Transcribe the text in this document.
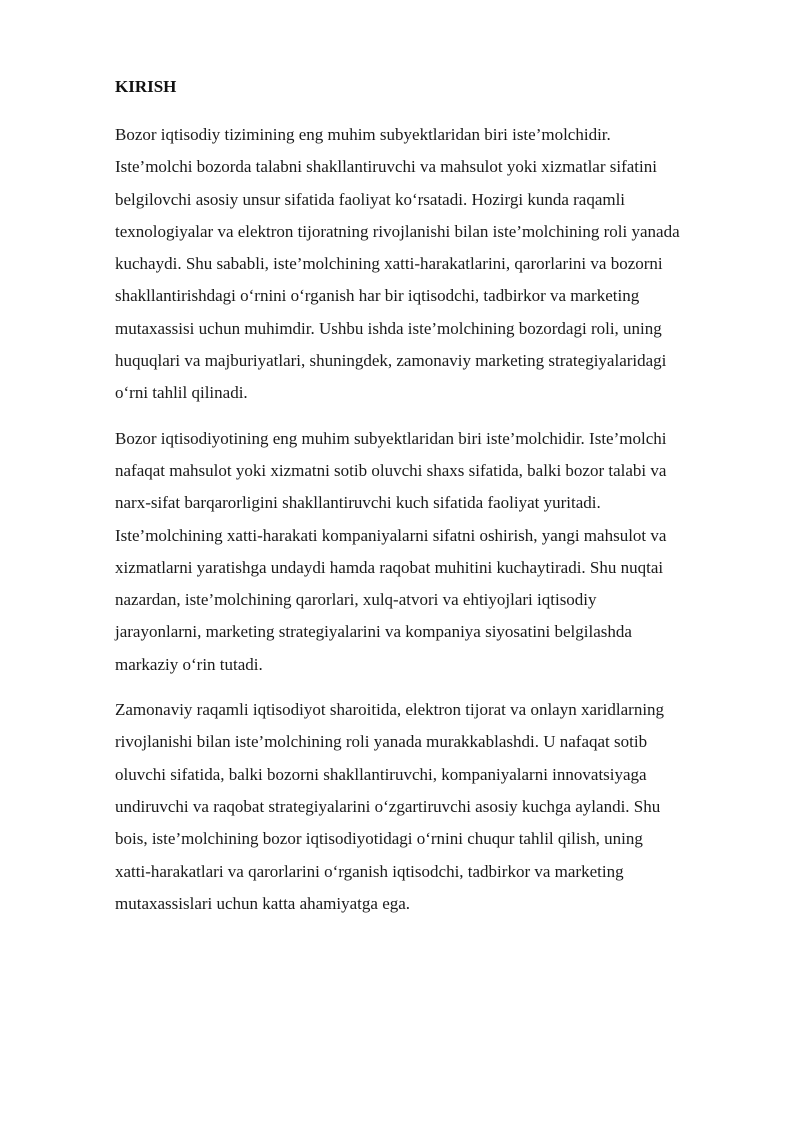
KIRISH
Bozor iqtisodiy tizimining eng muhim subyektlaridan biri iste’molchidir.
Iste’molchi bozorda talabni shakllantiruvchi va mahsulot yoki xizmatlar sifatini
belgilovchi asosiy unsur sifatida faoliyat ko‘rsatadi. Hozirgi kunda raqamli
texnologiyalar va elektron tijoratning rivojlanishi bilan iste’molchining roli yanada
kuchaydi. Shu sababli, iste’molchining xatti-harakatlarini, qarorlarini va bozorni
shakllantirishdagi o‘rnini o‘rganish har bir iqtisodchi, tadbirkor va marketing
mutaxassisi uchun muhimdir. Ushbu ishda iste’molchining bozordagi roli, uning
huquqlari va majburiyatlari, shuningdek, zamonaviy marketing strategiyalaridagi
o‘rni tahlil qilinadi.
Bozor iqtisodiyotining eng muhim subyektlaridan biri iste’molchidir. Iste’molchi
nafaqat mahsulot yoki xizmatni sotib oluvchi shaxs sifatida, balki bozor talabi va
narx-sifat barqarorligini shakllantiruvchi kuch sifatida faoliyat yuritadi.
Iste’molchining xatti-harakati kompaniyalarni sifatni oshirish, yangi mahsulot va
xizmatlarni yaratishga undaydi hamda raqobat muhitini kuchaytiradi. Shu nuqtai
nazardan, iste’molchining qarorlari, xulq-atvori va ehtiyojlari iqtisodiy
jarayonlarni, marketing strategiyalarini va kompaniya siyosatini belgilashda
markaziy o‘rin tutadi.
Zamonaviy raqamli iqtisodiyot sharoitida, elektron tijorat va onlayn xaridlarning
rivojlanishi bilan iste’molchining roli yanada murakkablashdi. U nafaqat sotib
oluvchi sifatida, balki bozorni shakllantiruvchi, kompaniyalarni innovatsiyaga
undiruvchi va raqobat strategiyalarini o‘zgartiruvchi asosiy kuchga aylandi. Shu
bois, iste’molchining bozor iqtisodiyotidagi o‘rnini chuqur tahlil qilish, uning
xatti-harakatlari va qarorlarini o‘rganish iqtisodchi, tadbirkor va marketing
mutaxassislari uchun katta ahamiyatga ega.
